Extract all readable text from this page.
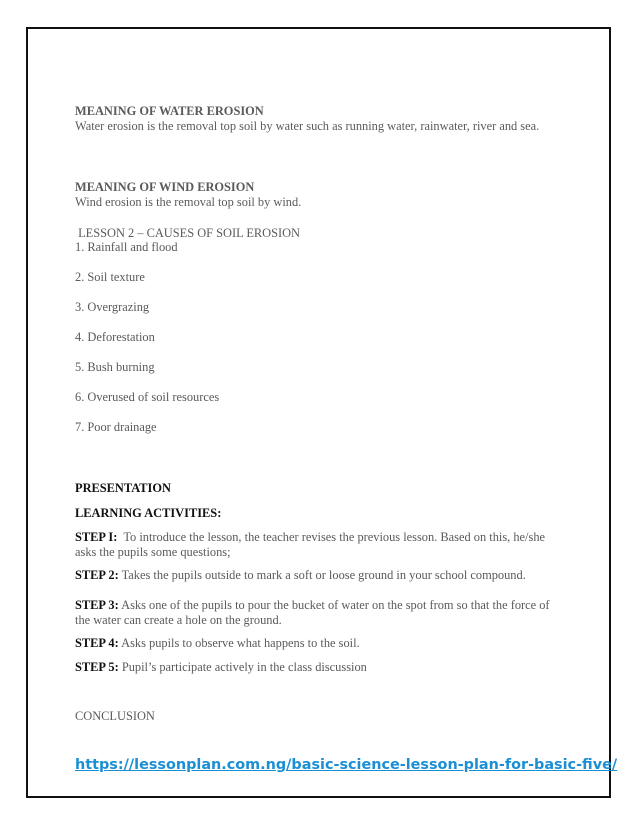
MEANING OF WATER EROSION

Water erosion is the removal top soil by water such as running water, rainwater, river and sea.

MEANING OF WIND EROSION

Wind erosion is the removal top soil by wind.

LESSON 2 – CAUSES OF SOIL EROSION

1. Rainfall and flood

2. Soil texture

3. Overgrazing

4. Deforestation

5. Bush burning

6. Overused of soil resources

7. Poor drainage

PRESENTATION

LEARNING ACTIVITIES:

STEP I:  To introduce the lesson, the teacher revises the previous lesson. Based on this, he/she

asks the pupils some questions;

STEP 2: Takes the pupils outside to mark a soft or loose ground in your school compound.

STEP 3: Asks one of the pupils to pour the bucket of water on the spot from so that the force of

the water can create a hole on the ground.

STEP 4: Asks pupils to observe what happens to the soil.

STEP 5: Pupil’s participate actively in the class discussion

CONCLUSION

https://lessonplan.com.ng/basic-science-lesson-plan-for-basic-five/
